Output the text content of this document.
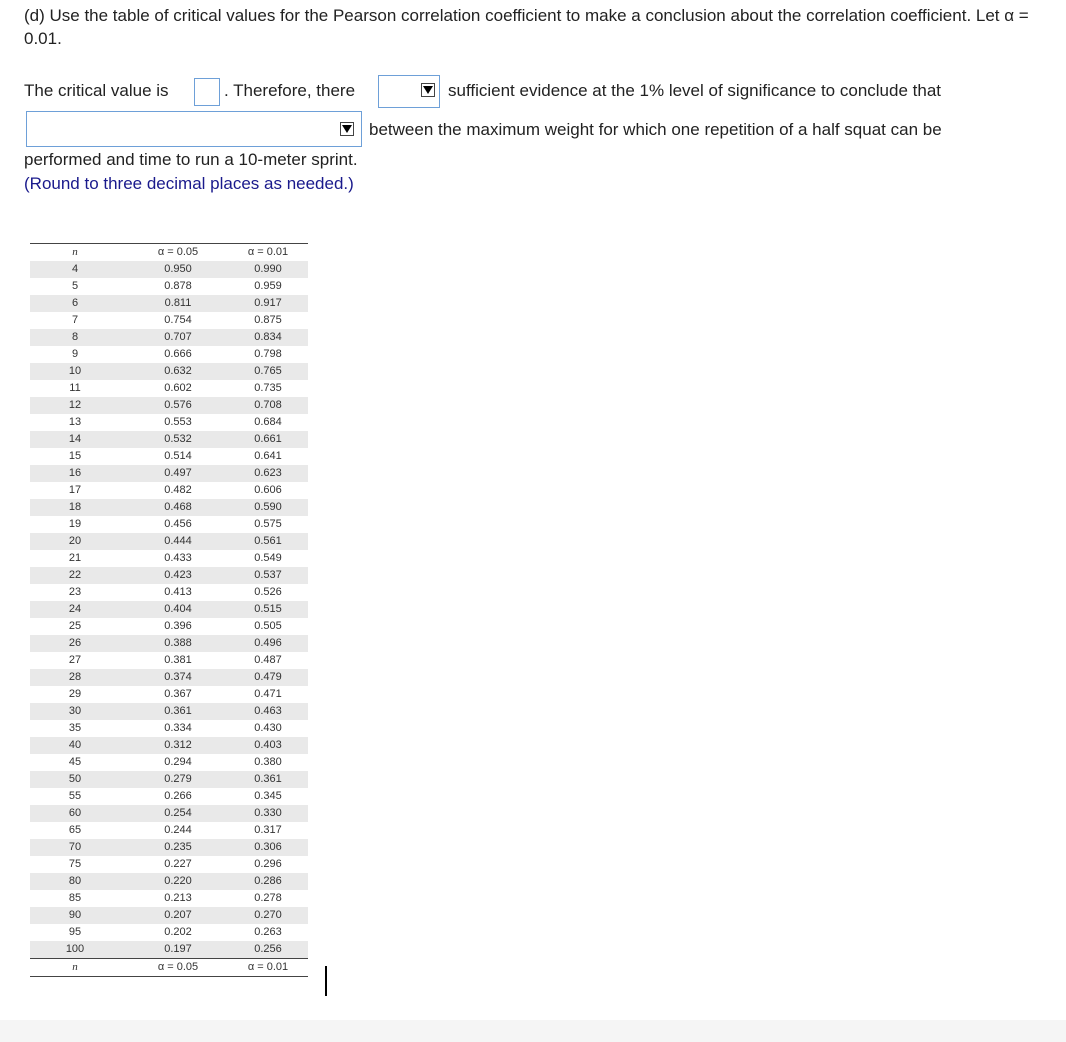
(d) Use the table of critical values for the Pearson correlation coefficient to make a conclusion about the correlation coefficient. Let α = 0.01.
The critical value is	. Therefore, there	sufficient evidence at the 1% level of significance to conclude that
between the maximum weight for which one repetition of a half squat can be
performed and time to run a 10-meter sprint.
(Round to three decimal places as needed.)
n	α = 0.05	α = 0.01
4	0.950	0.990
5	0.878	0.959
6	0.811	0.917
7	0.754	0.875
8	0.707	0.834
9	0.666	0.798
10	0.632	0.765
11	0.602	0.735
12	0.576	0.708
13	0.553	0.684
14	0.532	0.661
15	0.514	0.641
16	0.497	0.623
17	0.482	0.606
18	0.468	0.590
19	0.456	0.575
20	0.444	0.561
21	0.433	0.549
22	0.423	0.537
23	0.413	0.526
24	0.404	0.515
25	0.396	0.505
26	0.388	0.496
27	0.381	0.487
28	0.374	0.479
29	0.367	0.471
30	0.361	0.463
35	0.334	0.430
40	0.312	0.403
45	0.294	0.380
50	0.279	0.361
55	0.266	0.345
60	0.254	0.330
65	0.244	0.317
70	0.235	0.306
75	0.227	0.296
80	0.220	0.286
85	0.213	0.278
90	0.207	0.270
95	0.202	0.263
100	0.197	0.256
n	α = 0.05	α = 0.01
